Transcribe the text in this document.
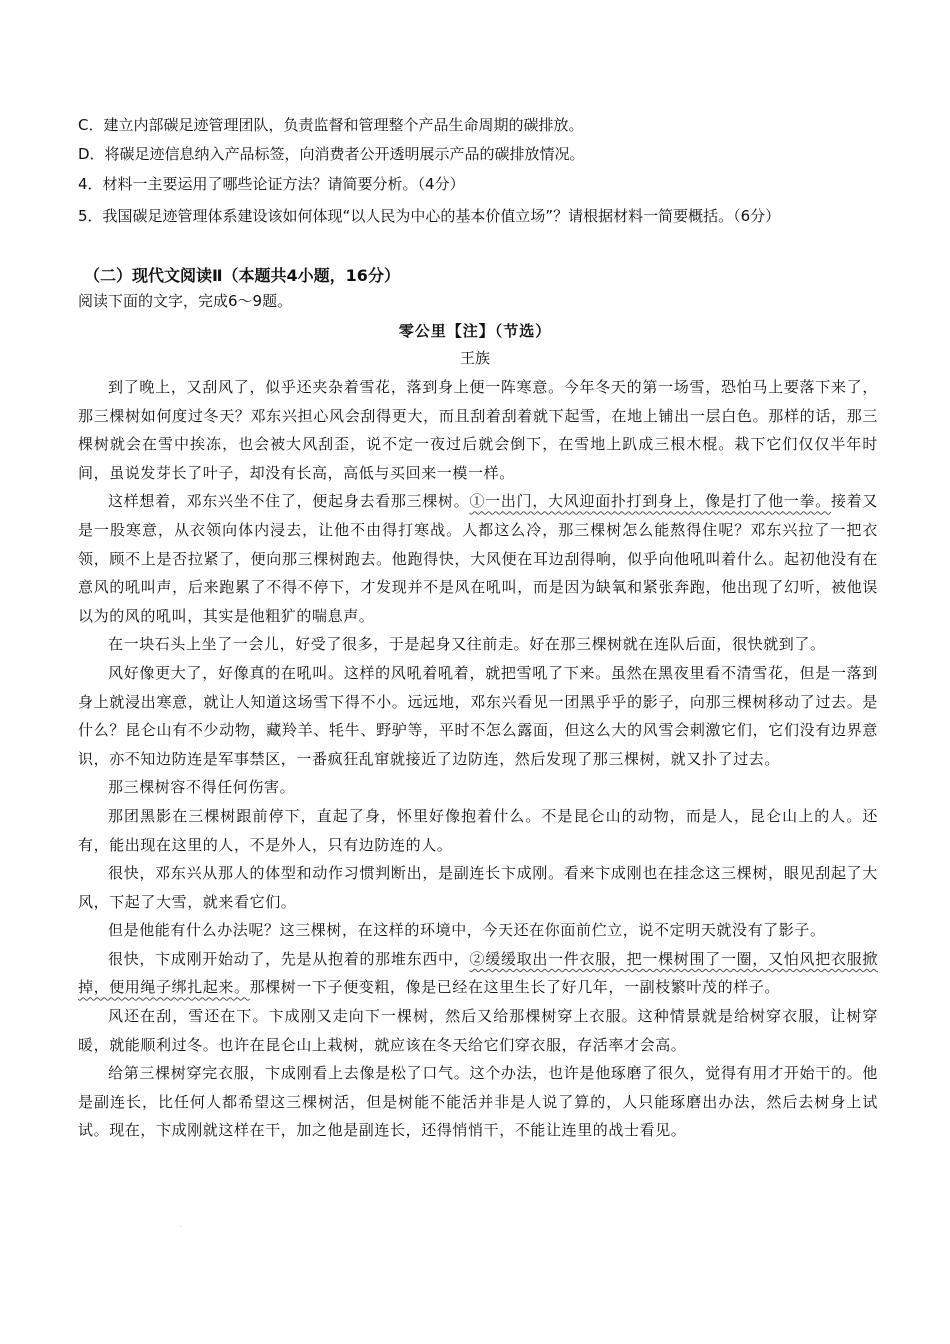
C．建立内部碳足迹管理团队，负责监督和管理整个产品生命周期的碳排放。
D．将碳足迹信息纳入产品标签，向消费者公开透明展示产品的碳排放情况。
4．材料一主要运用了哪些论证方法？请简要分析。（4分）
5．我国碳足迹管理体系建设该如何体现“以人民为中心的基本价值立场”？请根据材料一简要概括。（6分）
（二）现代文阅读Ⅱ（本题共4小题，16分）
阅读下面的文字，完成6～9题。
零公里【注】（节选）
王族

到了晚上，又刮风了，似乎还夹杂着雪花，落到身上便一阵寒意。今年冬天的第一场雪，恐怕马上要落下来了，那三棵树如何度过冬天？邓东兴担心风会刮得更大，而且刮着刮着就下起雪，在地上铺出一层白色。那样的话，那三棵树就会在雪中挨冻，也会被大风刮歪，说不定一夜过后就会倒下，在雪地上趴成三根木棍。栽下它们仅仅半年时间，虽说发芽长了叶子，却没有长高，高低与买回来一模一样。

这样想着，邓东兴坐不住了，便起身去看那三棵树。①一出门，大风迎面扑打到身上，像是打了他一拳。接着又是一股寒意，从衣领向体内浸去，让他不由得打寒战。人都这么冷，那三棵树怎么能熬得住呢？邓东兴拉了一把衣领，顾不上是否拉紧了，便向那三棵树跑去。他跑得快，大风便在耳边刮得响，似乎向他吼叫着什么。起初他没有在意风的吼叫声，后来跑累了不得不停下，才发现并不是风在吼叫，而是因为缺氧和紧张奔跑，他出现了幻听，被他误以为的风的吼叫，其实是他粗犷的喘息声。

在一块石头上坐了一会儿，好受了很多，于是起身又往前走。好在那三棵树就在连队后面，很快就到了。

风好像更大了，好像真的在吼叫。这样的风吼着吼着，就把雪吼了下来。虽然在黑夜里看不清雪花，但是一落到身上就浸出寒意，就让人知道这场雪下得不小。远远地，邓东兴看见一团黑乎乎的影子，向那三棵树移动了过去。是什么？昆仑山有不少动物，藏羚羊、牦牛、野驴等，平时不怎么露面，但这么大的风雪会刺激它们，它们没有边界意识，亦不知边防连是军事禁区，一番疯狂乱窜就接近了边防连，然后发现了那三棵树，就又扑了过去。

那三棵树容不得任何伤害。

那团黑影在三棵树跟前停下，直起了身，怀里好像抱着什么。不是昆仑山的动物，而是人，昆仑山上的人。还有，能出现在这里的人，不是外人，只有边防连的人。

很快，邓东兴从那人的体型和动作习惯判断出，是副连长卞成刚。看来卞成刚也在挂念这三棵树，眼见刮起了大风，下起了大雪，就来看它们。

但是他能有什么办法呢？这三棵树，在这样的环境中，今天还在你面前伫立，说不定明天就没有了影子。

很快，卞成刚开始动了，先是从抱着的那堆东西中，②缓缓取出一件衣服，把一棵树围了一圈，又怕风把衣服掀掉，便用绳子绑扎起来。那棵树一下子便变粗，像是已经在这里生长了好几年，一副枝繁叶茂的样子。

风还在刮，雪还在下。卞成刚又走向下一棵树，然后又给那棵树穿上衣服。这种情景就是给树穿衣服，让树穿暖，就能顺利过冬。也许在昆仑山上栽树，就应该在冬天给它们穿衣服，存活率才会高。

给第三棵树穿完衣服，卞成刚看上去像是松了口气。这个办法，也许是他琢磨了很久，觉得有用才开始干的。他是副连长，比任何人都希望这三棵树活，但是树能不能活并非是人说了算的，人只能琢磨出办法，然后去树身上试试。现在，卞成刚就这样在干，加之他是副连长，还得悄悄干，不能让连里的战士看见。

·
